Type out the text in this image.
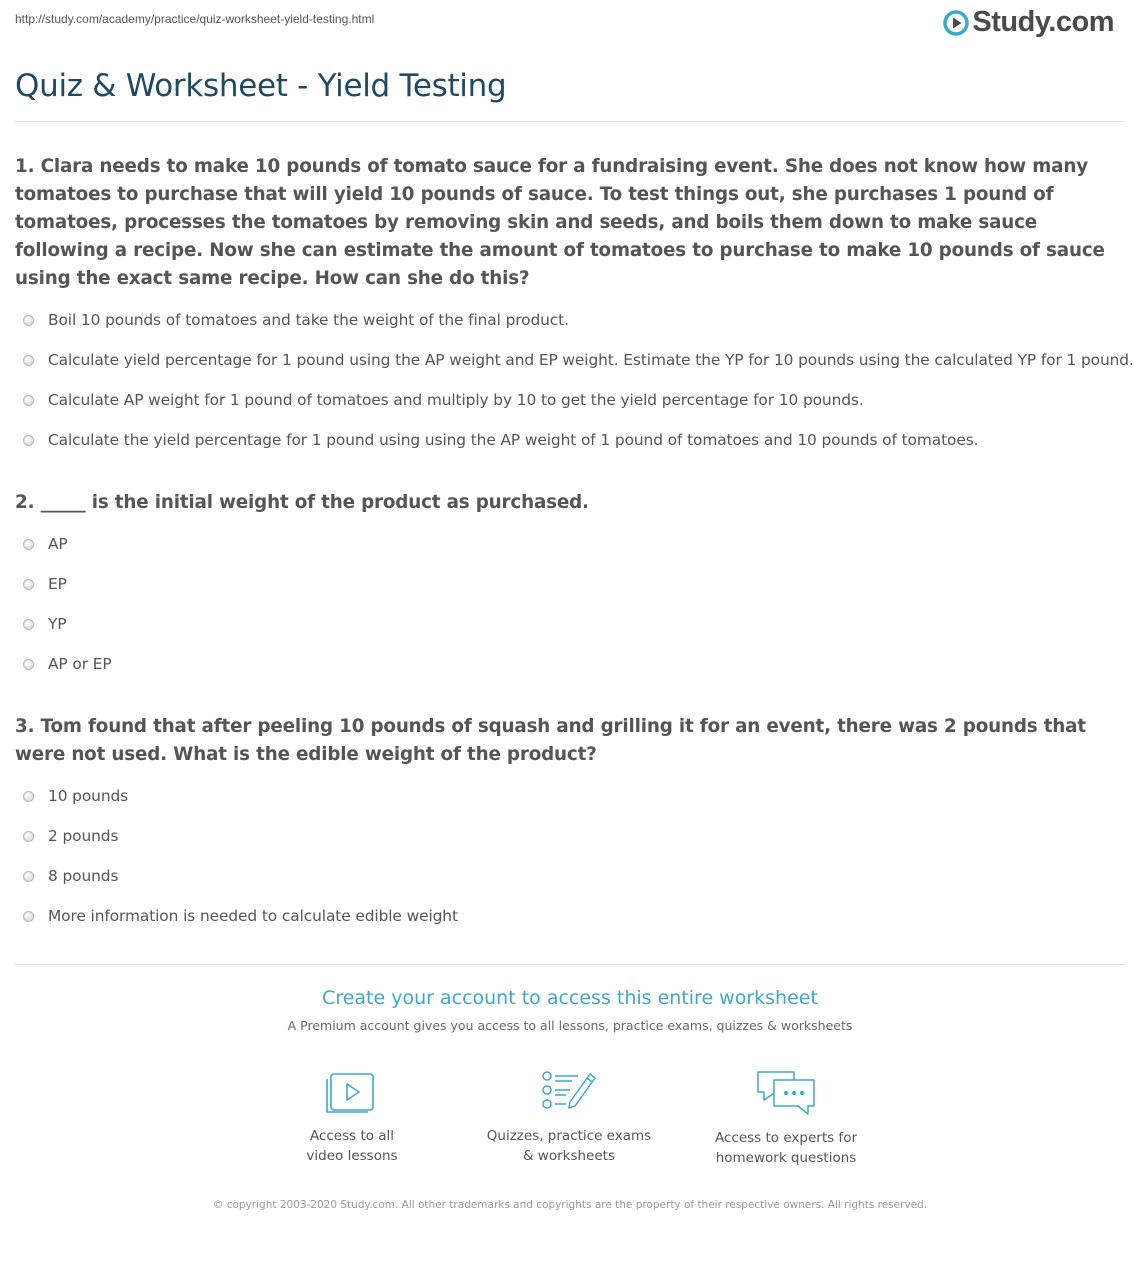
http://study.com/academy/practice/quiz-worksheet-yield-testing.html	Study.com
Quiz & Worksheet - Yield Testing
1. Clara needs to make 10 pounds of tomato sauce for a fundraising event. She does not know how many tomatoes to purchase that will yield 10 pounds of sauce. To test things out, she purchases 1 pound of tomatoes, processes the tomatoes by removing skin and seeds, and boils them down to make sauce following a recipe. Now she can estimate the amount of tomatoes to purchase to make 10 pounds of sauce using the exact same recipe. How can she do this?
Boil 10 pounds of tomatoes and take the weight of the final product.
Calculate yield percentage for 1 pound using the AP weight and EP weight. Estimate the YP for 10 pounds using the calculated YP for 1 pound.
Calculate AP weight for 1 pound of tomatoes and multiply by 10 to get the yield percentage for 10 pounds.
Calculate the yield percentage for 1 pound using using the AP weight of 1 pound of tomatoes and 10 pounds of tomatoes.
2. _____ is the initial weight of the product as purchased.
AP
EP
YP
AP or EP
3. Tom found that after peeling 10 pounds of squash and grilling it for an event, there was 2 pounds that were not used. What is the edible weight of the product?
10 pounds
2 pounds
8 pounds
More information is needed to calculate edible weight
Create your account to access this entire worksheet
A Premium account gives you access to all lessons, practice exams, quizzes & worksheets
Access to all
video lessons
Quizzes, practice exams
& worksheets
Access to experts for
homework questions
© copyright 2003-2020 Study.com. All other trademarks and copyrights are the property of their respective owners. All rights reserved.
